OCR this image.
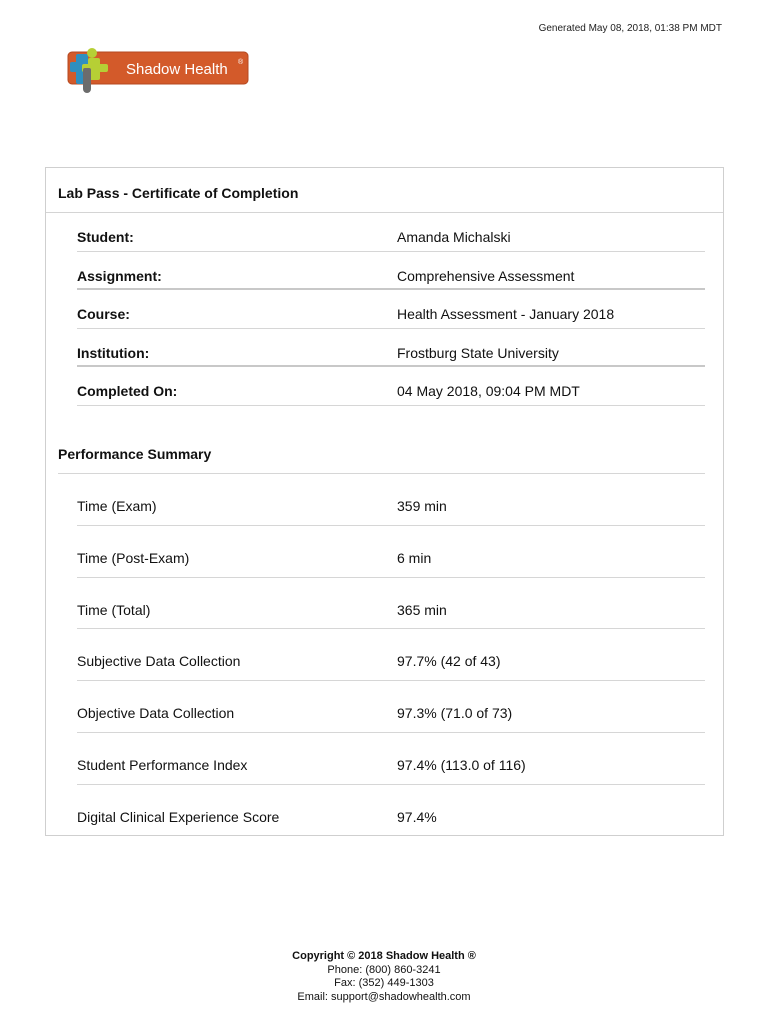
Generated May 08, 2018, 01:38 PM MDT
Shadow Health ®
Lab Pass - Certificate of Completion
Student:	Amanda Michalski
Assignment:	Comprehensive Assessment
Course:	Health Assessment - January 2018
Institution:	Frostburg State University
Completed On:	04 May 2018, 09:04 PM MDT
Performance Summary
Time (Exam)	359 min
Time (Post-Exam)	6 min
Time (Total)	365 min
Subjective Data Collection	97.7% (42 of 43)
Objective Data Collection	97.3% (71.0 of 73)
Student Performance Index	97.4% (113.0 of 116)
Digital Clinical Experience Score	97.4%
Copyright © 2018 Shadow Health ®
Phone: (800) 860-3241
Fax: (352) 449-1303
Email: support@shadowhealth.com
